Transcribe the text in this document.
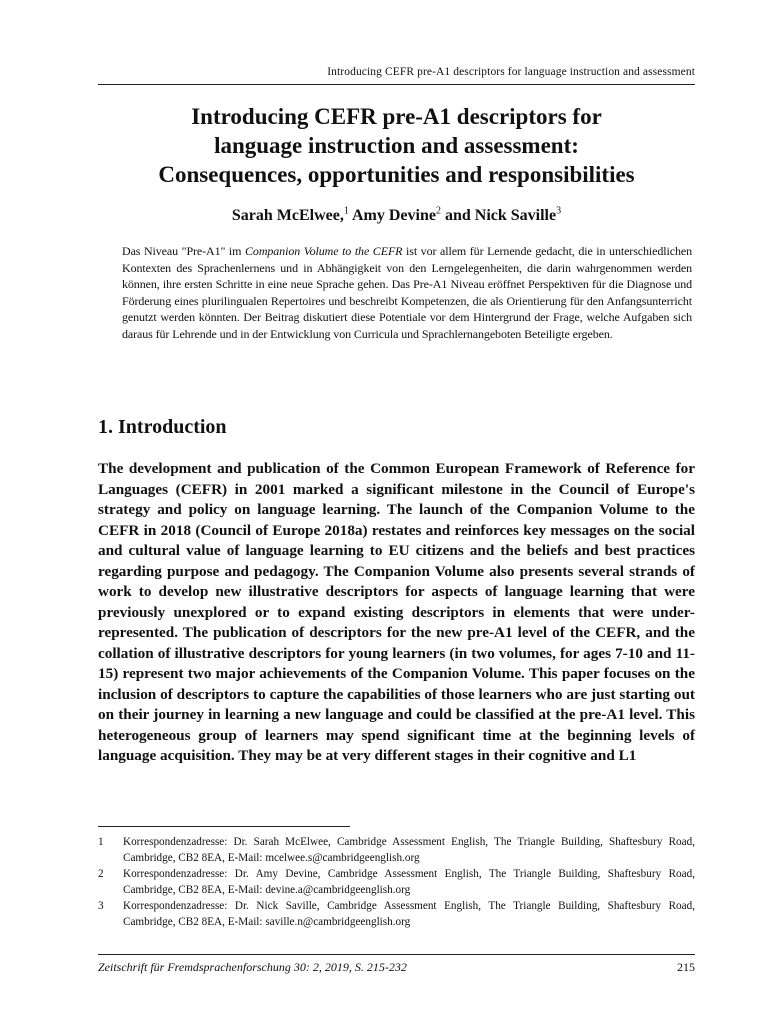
Introducing CEFR pre-A1 descriptors for language instruction and assessment
Introducing CEFR pre-A1 descriptors for
language instruction and assessment:
Consequences, opportunities and responsibilities
Sarah McElwee,$^1$ Amy Devine$^2$ and Nick Saville$^3$
Das Niveau "Pre-A1" im Companion Volume to the CEFR ist vor allem für Lernende gedacht, die in unterschiedlichen Kontexten des Sprachenlernens und in Abhängigkeit von den Lerngelegenheiten, die darin wahrgenommen werden können, ihre ersten Schritte in eine neue Sprache gehen. Das Pre-A1 Niveau eröffnet Perspektiven für die Diagnose und Förderung eines plurilingualen Repertoires und beschreibt Kompetenzen, die als Orientierung für den Anfangsunterricht genutzt werden könnten. Der Beitrag diskutiert diese Potentiale vor dem Hintergrund der Frage, welche Aufgaben sich daraus für Lehrende und in der Entwicklung von Curricula und Sprachlernangeboten Beteiligte ergeben.
1. Introduction

The development and publication of the Common European Framework of Reference for Languages (CEFR) in 2001 marked a significant milestone in the Council of Europe's strategy and policy on language learning. The launch of the Companion Volume to the CEFR in 2018 (Council of Europe 2018a) restates and reinforces key messages on the social and cultural value of language learning to EU citizens and the beliefs and best practices regarding purpose and pedagogy. The Companion Volume also presents several strands of work to develop new illustrative descriptors for aspects of language learning that were previously unexplored or to expand existing descriptors in elements that were under-represented. The publication of descriptors for the new pre-A1 level of the CEFR, and the collation of illustrative descriptors for young learners (in two volumes, for ages 7-10 and 11-15) represent two major achievements of the Companion Volume. This paper focuses on the inclusion of descriptors to capture the capabilities of those learners who are just starting out on their journey in learning a new language and could be classified at the pre-A1 level. This heterogeneous group of learners may spend significant time at the beginning levels of language acquisition. They may be at very different stages in their cognitive and L1

1	Korrespondenzadresse: Dr. Sarah McElwee, Cambridge Assessment English, The Triangle Building, Shaftesbury Road, Cambridge, CB2 8EA, E-Mail: mcelwee.s@cambridgeenglish.org
2	Korrespondenzadresse: Dr. Amy Devine, Cambridge Assessment English, The Triangle Building, Shaftesbury Road, Cambridge, CB2 8EA, E-Mail: devine.a@cambridgeenglish.org
3	Korrespondenzadresse: Dr. Nick Saville, Cambridge Assessment English, The Triangle Building, Shaftesbury Road, Cambridge, CB2 8EA, E-Mail: saville.n@cambridgeenglish.org
Zeitschrift für Fremdsprachenforschung 30: 2, 2019, S. 215-232	215
